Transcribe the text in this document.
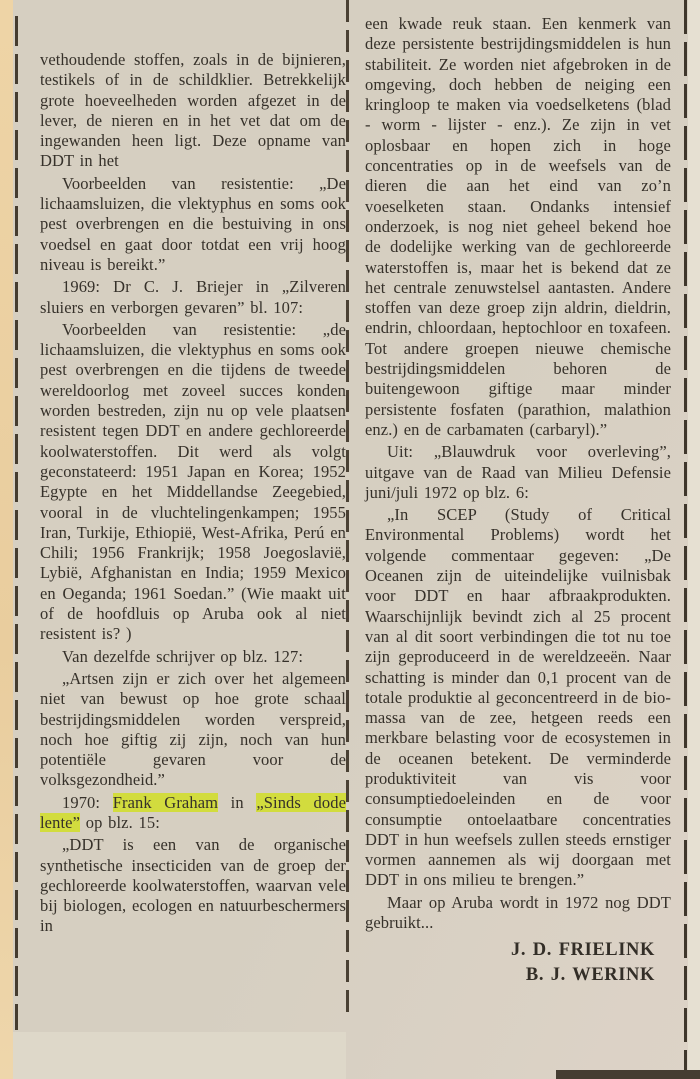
vethoudende stoffen, zoals in de bijnieren, testikels of in de schildklier. Betrekkelijk grote hoeveelheden worden afgezet in de lever, de nieren en in het vet dat om de ingewanden heen ligt. Deze opname van DDT in het

Voorbeelden van resistentie: „De lichaamsluizen, die vlektyphus en soms ook pest overbrengen en die bestuiving in ons voedsel en gaat door totdat een vrij hoog niveau is bereikt.”

1969: Dr C. J. Briejer in „Zilveren sluiers en verborgen gevaren” bl. 107:

Voorbeelden van resistentie: „de lichaamsluizen, die vlektyphus en soms ook pest overbrengen en die tijdens de tweede wereldoorlog met zoveel succes konden worden bestreden, zijn nu op vele plaatsen resistent tegen DDT en andere gechloreerde koolwaterstoffen. Dit werd als volgt geconstateerd: 1951 Japan en Korea; 1952 Egypte en het Middellandse Zeegebied, vooral in de vluchtelingenkampen; 1955 Iran, Turkije, Ethiopië, West-Afrika, Perú en Chili; 1956 Frankrijk; 1958 Joegoslavië, Lybië, Afghanistan en India; 1959 Mexico en Oeganda; 1961 Soedan.” (Wie maakt uit of de hoofdluis op Aruba ook al niet resistent is? )

Van dezelfde schrijver op blz. 127:

„Artsen zijn er zich over het algemeen niet van bewust op hoe grote schaal bestrijdingsmiddelen worden verspreid, noch hoe giftig zij zijn, noch van hun potentiële gevaren voor de volksgezondheid.”

1970: Frank Graham in „Sinds dode lente” op blz. 15:

„DDT is een van de organische synthetische insecticiden van de groep der gechloreerde koolwaterstoffen, waarvan vele bij biologen, ecologen en natuurbeschermers in

een kwade reuk staan. Een kenmerk van deze persistente bestrijdingsmiddelen is hun stabiliteit. Ze worden niet afgebroken in de omgeving, doch hebben de neiging een kringloop te maken via voedselketens (blad - worm - lijster - enz.). Ze zijn in vet oplosbaar en hopen zich in hoge concentraties op in de weefsels van de dieren die aan het eind van zo’n voeselketen staan. Ondanks intensief onderzoek, is nog niet geheel bekend hoe de dodelijke werking van de gechloreerde waterstoffen is, maar het is bekend dat ze het centrale zenuwstelsel aantasten. Andere stoffen van deze groep zijn aldrin, dieldrin, endrin, chloordaan, heptochloor en toxafeen. Tot andere groepen nieuwe chemische bestrijdingsmiddelen behoren de buitengewoon giftige maar minder persistente fosfaten (parathion, malathion enz.) en de carbamaten (carbaryl).”

Uit: „Blauwdruk voor overleving”, uitgave van de Raad van Milieu Defensie juni/juli 1972 op blz. 6:

„In SCEP (Study of Critical Environmental Problems) wordt het volgende commentaar gegeven: „De Oceanen zijn de uiteindelijke vuilnisbak voor DDT en haar afbraakprodukten. Waarschijnlijk bevindt zich al 25 procent van al dit soort verbindingen die tot nu toe zijn geproduceerd in de wereldzeeën. Naar schatting is minder dan 0,1 procent van de totale produktie al geconcentreerd in de bio-massa van de zee, hetgeen reeds een merkbare belasting voor de ecosystemen in de oceanen betekent. De verminderde produktiviteit van vis voor consumptiedoeleinden en de voor consumptie ontoelaatbare concentraties DDT in hun weefsels zullen steeds ernstiger vormen aannemen als wij doorgaan met DDT in ons milieu te brengen.”

Maar op Aruba wordt in 1972 nog DDT gebruikt...

J. D. FRIELINK
B. J. WERINK
